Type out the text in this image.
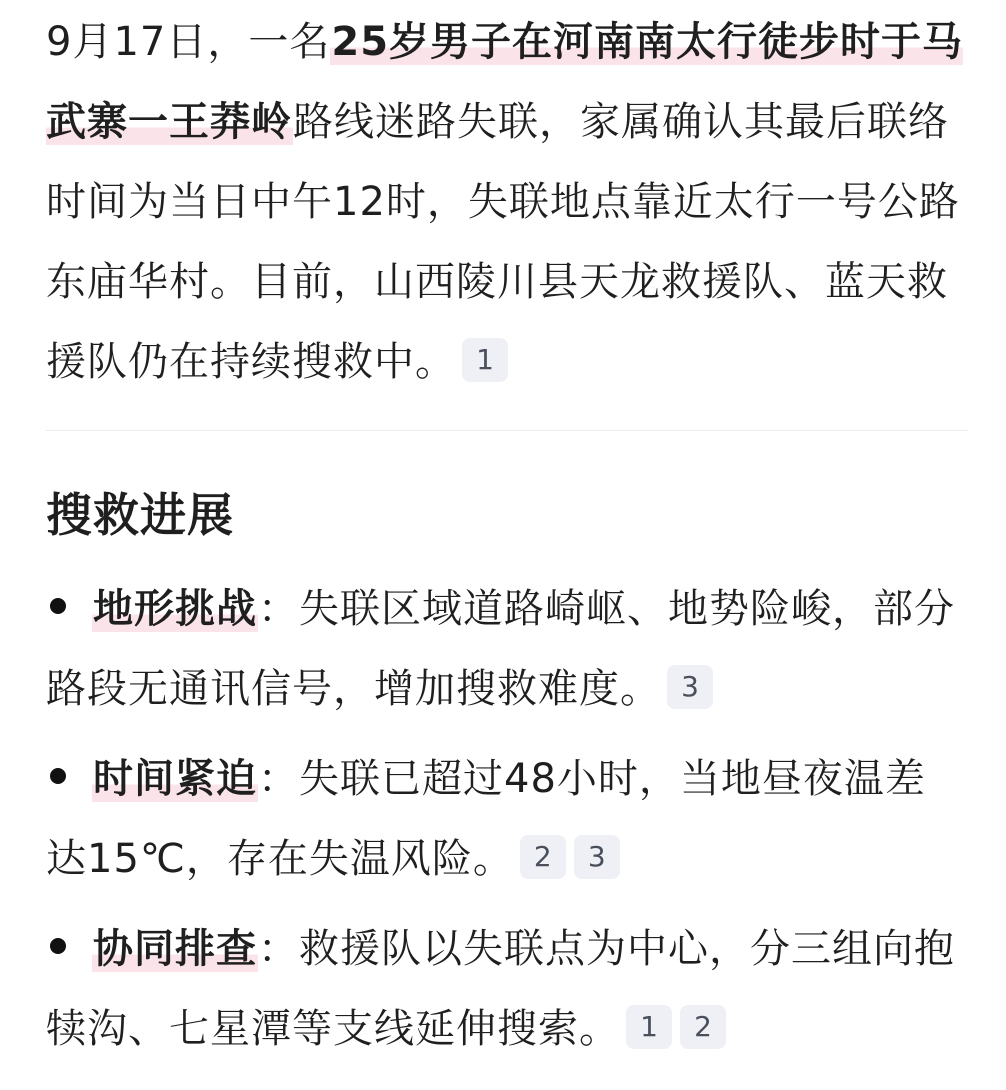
9月17日，一名25岁男子在河南南太行徒步时于马武寨一王莽岭路线迷路失联，家属确认其最后联络时间为当日中午12时，失联地点靠近太行一号公路东庙华村。目前，山西陵川县天龙救援队、蓝天救援队仍在持续搜救中。 1

搜救进展
地形挑战：失联区域道路崎岖、地势险峻，部分路段无通讯信号，增加搜救难度。 3
时间紧迫：失联已超过48小时，当地昼夜温差达15℃，存在失温风险。 2 3
协同排查：救援队以失联点为中心，分三组向抱犊沟、七星潭等支线延伸搜索。 1 2
